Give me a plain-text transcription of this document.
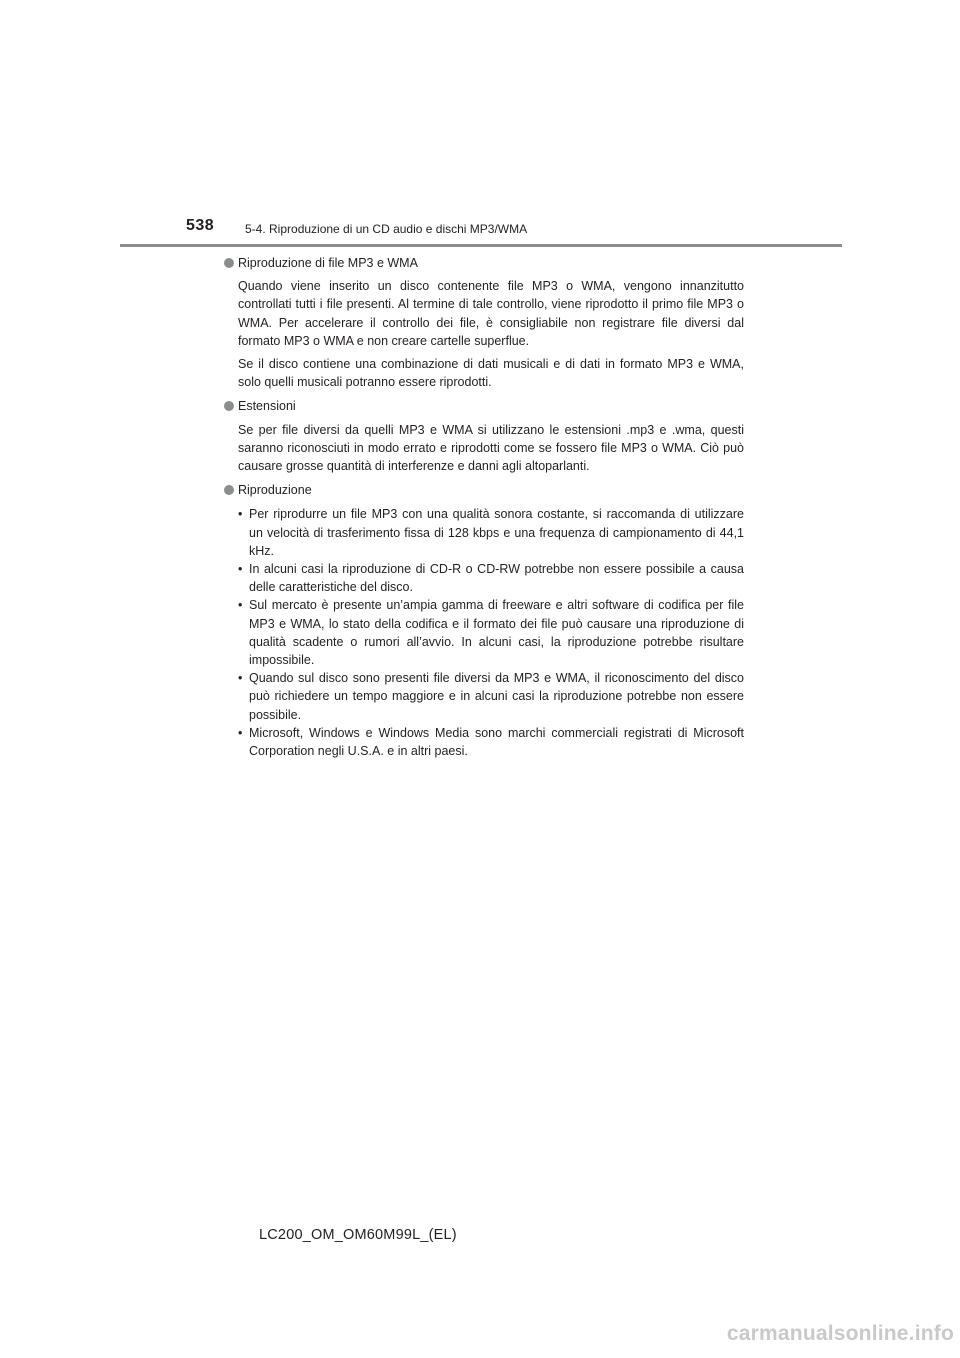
538	5-4. Riproduzione di un CD audio e dischi MP3/WMA

Riproduzione di file MP3 e WMA

Quando viene inserito un disco contenente file MP3 o WMA, vengono innanzitutto controllati tutti i file presenti. Al termine di tale controllo, viene riprodotto il primo file MP3 o WMA. Per accelerare il controllo dei file, è consigliabile non registrare file diversi dal formato MP3 o WMA e non creare cartelle superflue.

Se il disco contiene una combinazione di dati musicali e di dati in formato MP3 e WMA, solo quelli musicali potranno essere riprodotti.

Estensioni

Se per file diversi da quelli MP3 e WMA si utilizzano le estensioni .mp3 e .wma, questi saranno riconosciuti in modo errato e riprodotti come se fossero file MP3 o WMA. Ciò può causare grosse quantità di interferenze e danni agli altoparlanti.

Riproduzione

• Per riprodurre un file MP3 con una qualità sonora costante, si raccomanda di utilizzare un velocità di trasferimento fissa di 128 kbps e una frequenza di campionamento di 44,1 kHz.
• In alcuni casi la riproduzione di CD-R o CD-RW potrebbe non essere possibile a causa delle caratteristiche del disco.
• Sul mercato è presente un’ampia gamma di freeware e altri software di codifica per file MP3 e WMA, lo stato della codifica e il formato dei file può causare una riproduzione di qualità scadente o rumori all’avvio. In alcuni casi, la riproduzione potrebbe risultare impossibile.
• Quando sul disco sono presenti file diversi da MP3 e WMA, il riconoscimento del disco può richiedere un tempo maggiore e in alcuni casi la riproduzione potrebbe non essere possibile.
• Microsoft, Windows e Windows Media sono marchi commerciali registrati di Microsoft Corporation negli U.S.A. e in altri paesi.
LC200_OM_OM60M99L_(EL)
carmanualsonline.info
